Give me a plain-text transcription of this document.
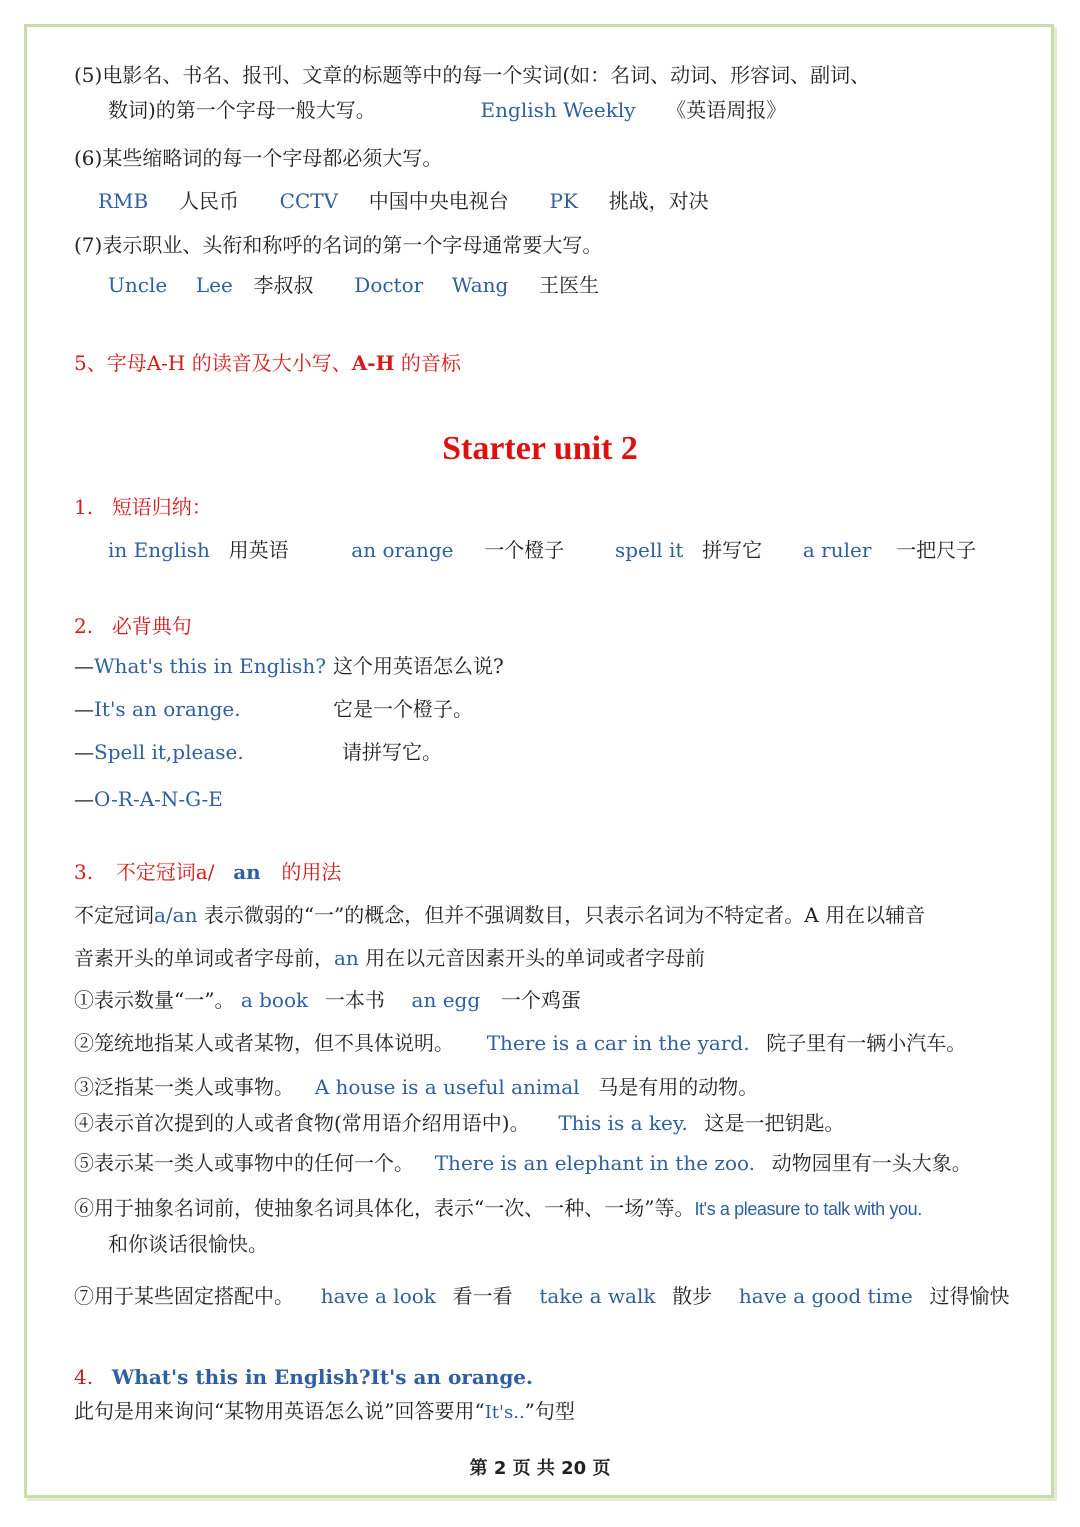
(5)电影名、书名、报刊、文章的标题等中的每一个实词(如：名词、动词、形容词、副词、
数词)的第一个字母一般大写。	English Weekly 《英语周报》
(6)某些缩略词的每一个字母都必须大写。
RMB 人民币 CCTV 中国中央电视台 PK 挑战，对决
(7)表示职业、头衔和称呼的名词的第一个字母通常要大写。
Uncle Lee 李叔叔 Doctor Wang 王医生
5、字母A-H 的读音及大小写、A-H 的音标
Starter unit 2
1. 短语归纳：
in English 用英语	an orange 一个橙子	spell it 拼写它 a ruler 一把尺子
2. 必背典句
—What's this in English? 这个用英语怎么说?
—It's an orange.	它是一个橙子。
—Spell it,please.	请拼写它。
—O-R-A-N-G-E
3. 不定冠词a/ an 的用法
不定冠词a/an 表示微弱的“一”的概念，但并不强调数目，只表示名词为不特定者。A 用在以辅音
音素开头的单词或者字母前，an 用在以元音因素开头的单词或者字母前
①表示数量“一”。 a book 一本书 an egg 一个鸡蛋
②笼统地指某人或者某物，但不具体说明。 There is a car in the yard. 院子里有一辆小汽车。
③泛指某一类人或事物。 A house is a useful animal 马是有用的动物。
④表示首次提到的人或者食物(常用语介绍用语中)。 This is a key. 这是一把钥匙。
⑤表示某一类人或事物中的任何一个。 There is an elephant in the zoo. 动物园里有一头大象。
⑥用于抽象名词前，使抽象名词具体化，表示“一次、一种、一场”等。It's a pleasure to talk with you.
和你谈话很愉快。
⑦用于某些固定搭配中。 have a look 看一看 take a walk 散步 have a good time 过得愉快
4. What's this in English?It's an orange.
此句是用来询问“某物用英语怎么说”回答要用“It's..”句型
第 2 页 共 20 页
